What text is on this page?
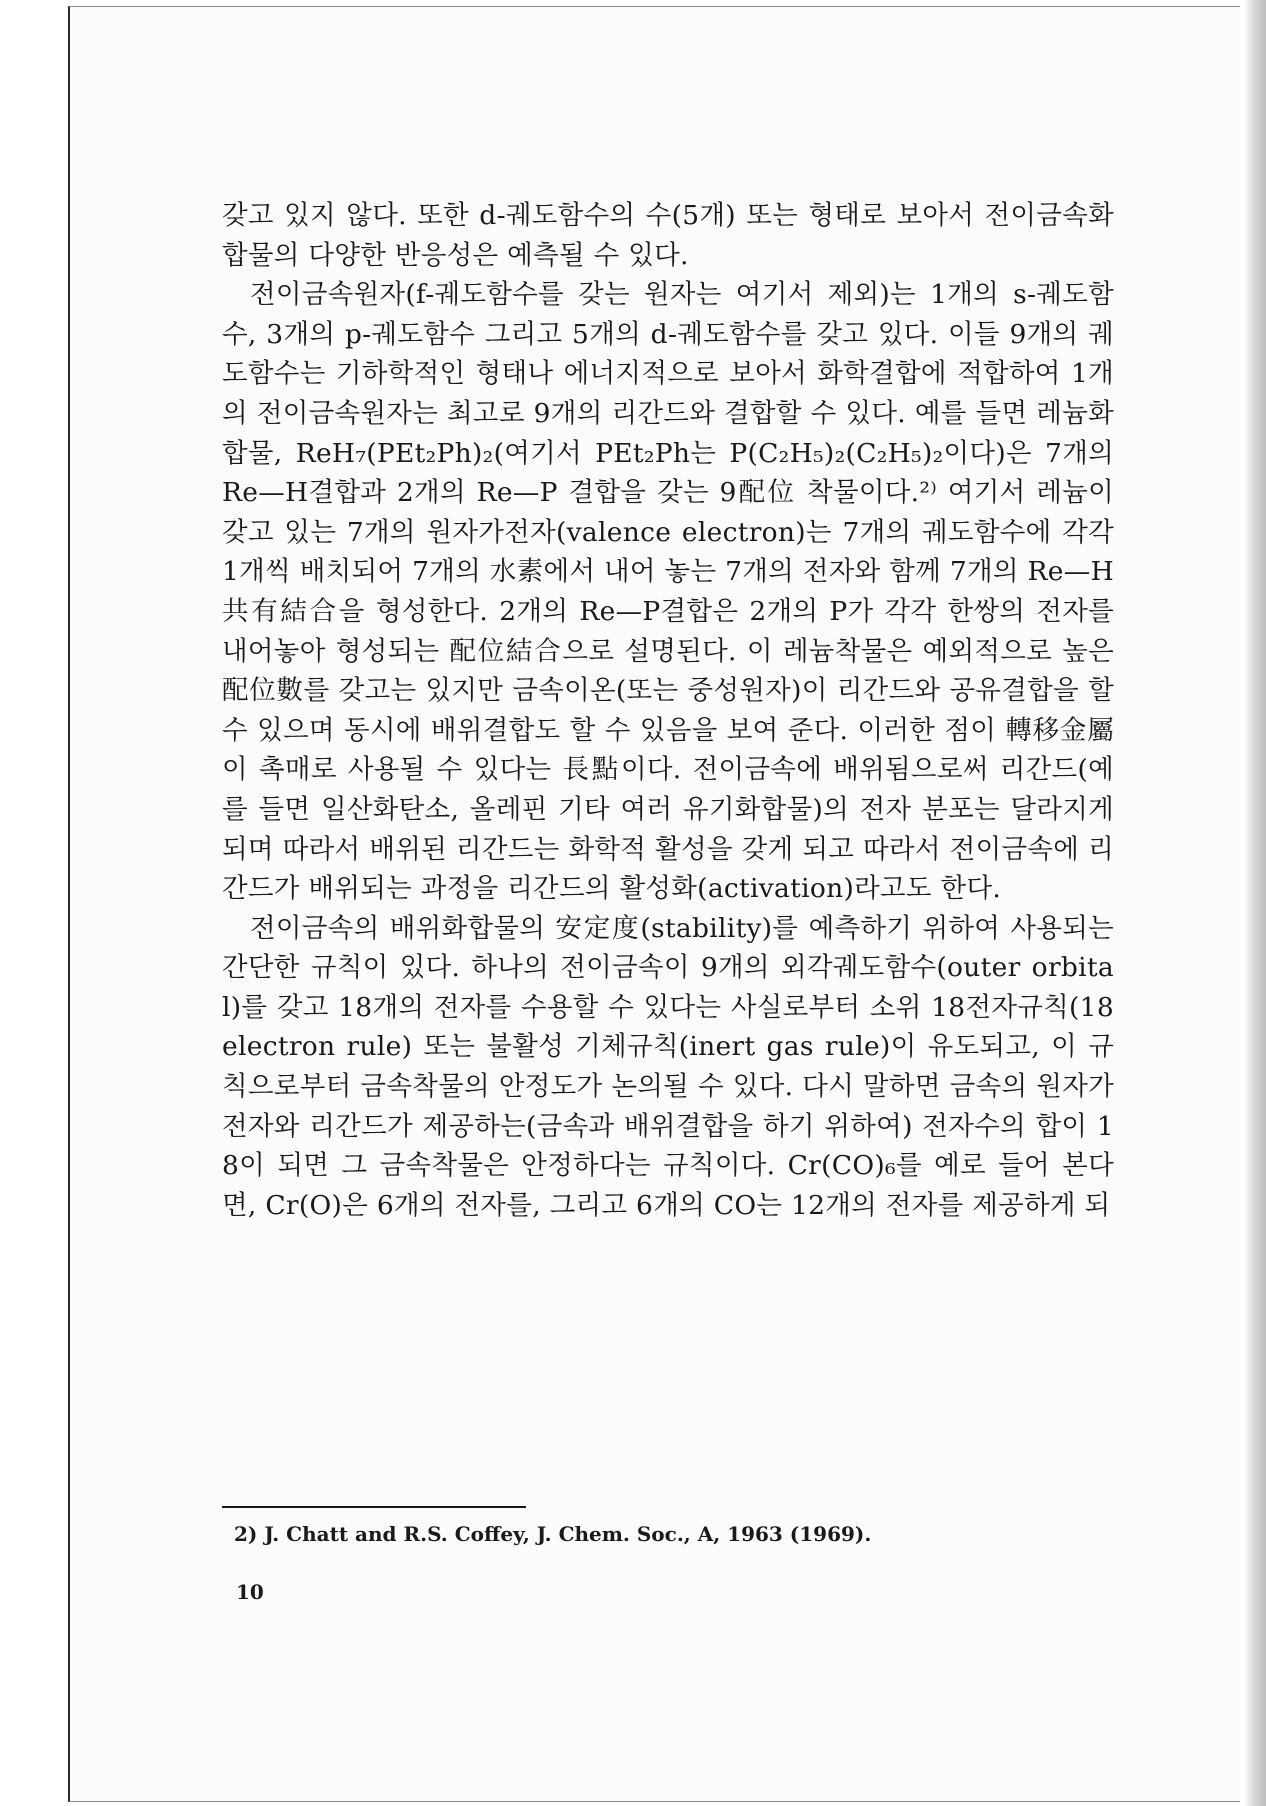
갖고 있지 않다. 또한 d-궤도함수의 수(5개) 또는 형태로 보아서 전이금속화합물의 다양한 반응성은 예측될 수 있다.

전이금속원자(f-궤도함수를 갖는 원자는 여기서 제외)는 1개의 s-궤도함수, 3개의 p-궤도함수 그리고 5개의 d-궤도함수를 갖고 있다. 이들 9개의 궤도함수는 기하학적인 형태나 에너지적으로 보아서 화학결합에 적합하여 1개의 전이금속원자는 최고로 9개의 리간드와 결합할 수 있다. 예를 들면 레늄화합물, ReH₇(PEt₂Ph)₂(여기서 PEt₂Ph는 P(C₂H₅)₂(C₂H₅)₂이다)은 7개의 Re—H결합과 2개의 Re—P 결합을 갖는 9配位 착물이다.²⁾ 여기서 레늄이 갖고 있는 7개의 원자가전자(valence electron)는 7개의 궤도함수에 각각 1개씩 배치되어 7개의 水素에서 내어 놓는 7개의 전자와 함께 7개의 Re—H共有結合을 형성한다. 2개의 Re—P결합은 2개의 P가 각각 한쌍의 전자를 내어놓아 형성되는 配位結合으로 설명된다. 이 레늄착물은 예외적으로 높은 配位數를 갖고는 있지만 금속이온(또는 중성원자)이 리간드와 공유결합을 할 수 있으며 동시에 배위결합도 할 수 있음을 보여 준다. 이러한 점이 轉移金屬이 촉매로 사용될 수 있다는 長點이다. 전이금속에 배위됨으로써 리간드(예를 들면 일산화탄소, 올레핀 기타 여러 유기화합물)의 전자 분포는 달라지게 되며 따라서 배위된 리간드는 화학적 활성을 갖게 되고 따라서 전이금속에 리간드가 배위되는 과정을 리간드의 활성화(activation)라고도 한다.

전이금속의 배위화합물의 安定度(stability)를 예측하기 위하여 사용되는 간단한 규칙이 있다. 하나의 전이금속이 9개의 외각궤도함수(outer orbital)를 갖고 18개의 전자를 수용할 수 있다는 사실로부터 소위 18전자규칙(18 electron rule) 또는 불활성 기체규칙(inert gas rule)이 유도되고, 이 규칙으로부터 금속착물의 안정도가 논의될 수 있다. 다시 말하면 금속의 원자가전자와 리간드가 제공하는(금속과 배위결합을 하기 위하여) 전자수의 합이 18이 되면 그 금속착물은 안정하다는 규칙이다. Cr(CO)₆를 예로 들어 본다면, Cr(O)은 6개의 전자를, 그리고 6개의 CO는 12개의 전자를 제공하게 되

2) J. Chatt and R.S. Coffey, J. Chem. Soc., A, 1963 (1969).
10
